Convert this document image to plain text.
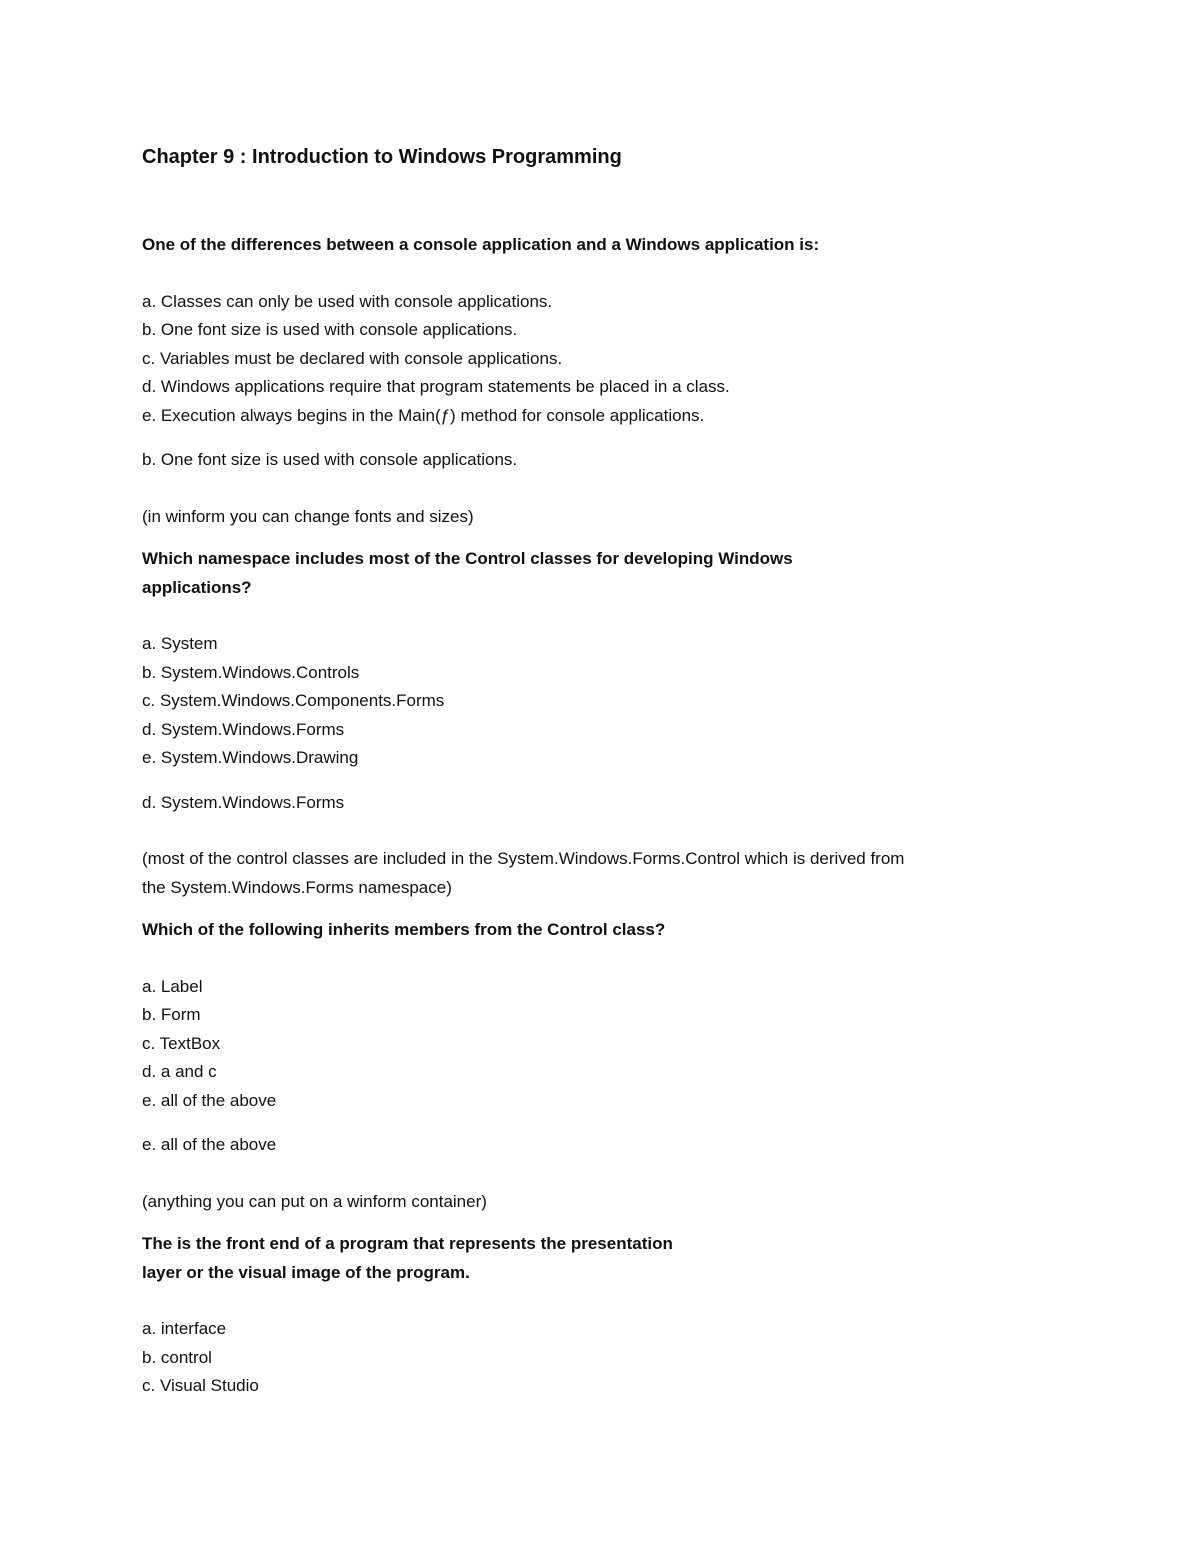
Chapter 9 : Introduction to Windows Programming

One of the differences between a console application and a Windows application is:

a. Classes can only be used with console applications.
b. One font size is used with console applications.
c. Variables must be declared with console applications.
d. Windows applications require that program statements be placed in a class.
e. Execution always begins in the Main(ƒ) method for console applications.

b. One font size is used with console applications.

(in winform you can change fonts and sizes)

Which namespace includes most of the Control classes for developing Windows

applications?

a. System
b. System.Windows.Controls
c. System.Windows.Components.Forms
d. System.Windows.Forms
e. System.Windows.Drawing

d. System.Windows.Forms

(most of the control classes are included in the System.Windows.Forms.Control which is derived from

the System.Windows.Forms namespace)

Which of the following inherits members from the Control class?

a. Label
b. Form
c. TextBox
d. a and c
e. all of the above

e. all of the above

(anything you can put on a winform container)

The is the front end of a program that represents the presentation

layer or the visual image of the program.

a. interface
b. control
c. Visual Studio
